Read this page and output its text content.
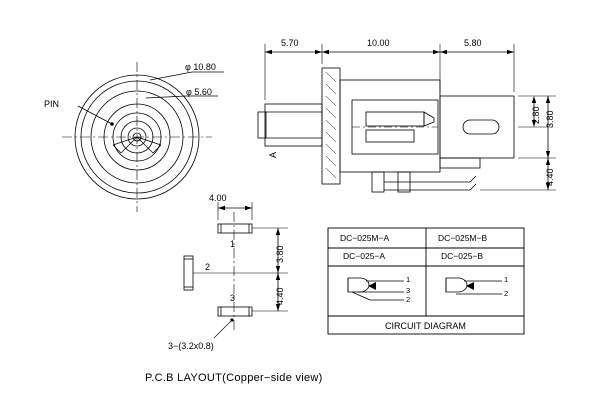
PIN
φ 10.80
φ 5.60
5.70	10.00	5.80
3.80
2.80
4.40
A
4.00
3.80
4.40
1
2
3
3−(3.2x0.8)
P.C.B LAYOUT(Copper−side view)
DC−025M−A	DC−025M−B
DC−025−A	DC−025−B
1
3
2
1
2
CIRCUIT DIAGRAM
